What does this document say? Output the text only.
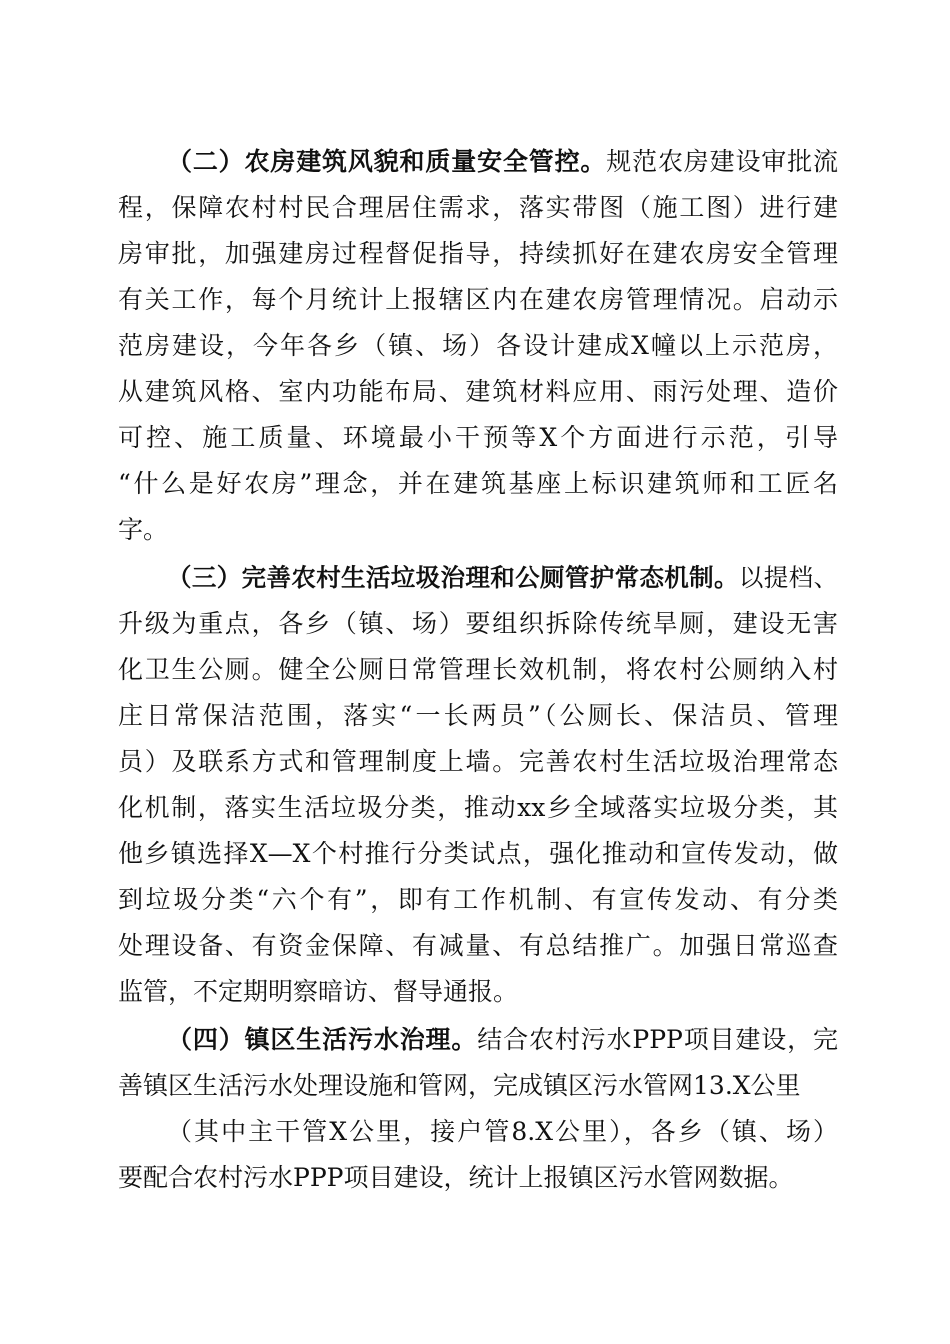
（二）农房建筑风貌和质量安全管控。规范农房建设审批流
程，保障农村村民合理居住需求，落实带图（施工图）进行建
房审批，加强建房过程督促指导，持续抓好在建农房安全管理
有关工作，每个月统计上报辖区内在建农房管理情况。启动示
范房建设，今年各乡（镇、场）各设计建成X幢以上示范房，
从建筑风格、室内功能布局、建筑材料应用、雨污处理、造价
可控、施工质量、环境最小干预等X个方面进行示范，引导
“什么是好农房”理念，并在建筑基座上标识建筑师和工匠名
字。
（三）完善农村生活垃圾治理和公厕管护常态机制。以提档、
升级为重点，各乡（镇、场）要组织拆除传统旱厕，建设无害
化卫生公厕。健全公厕日常管理长效机制，将农村公厕纳入村
庄日常保洁范围，落实“一长两员”（公厕长、保洁员、管理
员）及联系方式和管理制度上墙。完善农村生活垃圾治理常态
化机制，落实生活垃圾分类，推动xx乡全域落实垃圾分类，其
他乡镇选择X—X个村推行分类试点，强化推动和宣传发动，做
到垃圾分类“六个有”，即有工作机制、有宣传发动、有分类
处理设备、有资金保障、有减量、有总结推广。加强日常巡查
监管，不定期明察暗访、督导通报。
（四）镇区生活污水治理。结合农村污水PPP项目建设，完
善镇区生活污水处理设施和管网，完成镇区污水管网13.X公里
（其中主干管X公里，接户管8.X公里），各乡（镇、场）
要配合农村污水PPP项目建设，统计上报镇区污水管网数据。
